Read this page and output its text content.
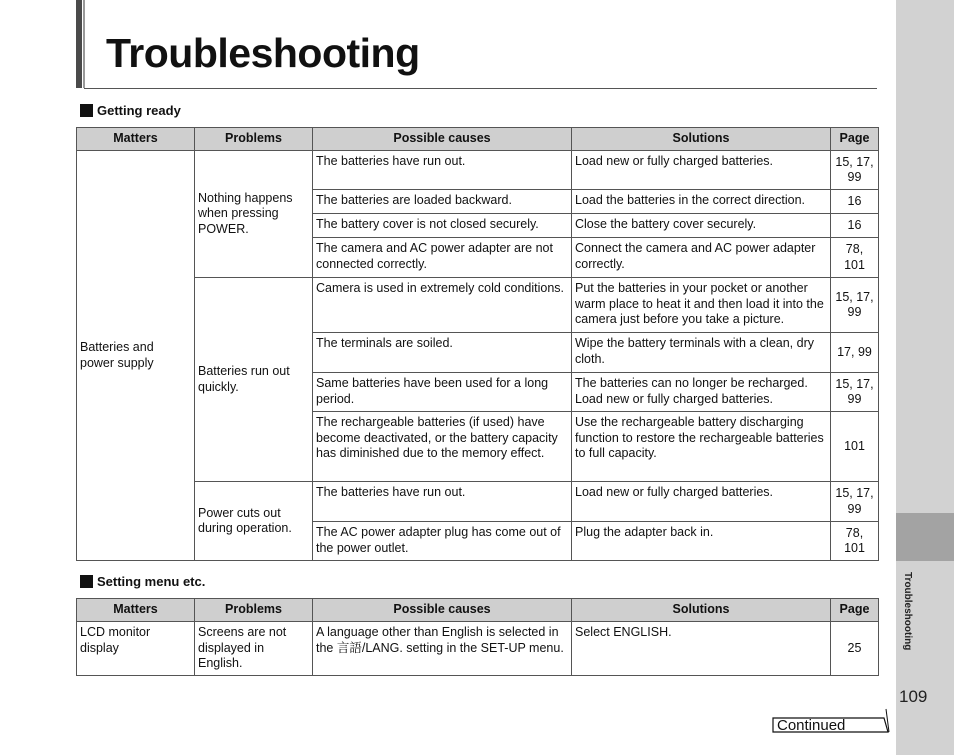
Troubleshooting
109
Troubleshooting
Getting ready
Matters	Problems	Possible causes	Solutions	Page
Batteries and power supply	Nothing happens when pressing POWER.	The batteries have run out.	Load new or fully charged batteries.	15, 17, 99
		The batteries are loaded backward.	Load the batteries in the correct direction.	16
		The battery cover is not closed securely.	Close the battery cover securely.	16
		The camera and AC power adapter are not connected correctly.	Connect the camera and AC power adapter correctly.	78, 101
	Batteries run out quickly.	Camera is used in extremely cold conditions.	Put the batteries in your pocket or another warm place to heat it and then load it into the camera just before you take a picture.	15, 17, 99
		The terminals are soiled.	Wipe the battery terminals with a clean, dry cloth.	17, 99
		Same batteries have been used for a long period.	The batteries can no longer be recharged. Load new or fully charged batteries.	15, 17, 99
		The rechargeable batteries (if used) have become deactivated, or the battery capacity has diminished due to the memory effect.	Use the rechargeable battery discharging function to restore the rechargeable batteries to full capacity.	101
	Power cuts out during operation.	The batteries have run out.	Load new or fully charged batteries.	15, 17, 99
		The AC power adapter plug has come out of the power outlet.	Plug the adapter back in.	78, 101
Setting menu etc.
Matters	Problems	Possible causes	Solutions	Page
LCD monitor display	Screens are not displayed in English.	A language other than English is selected in the 言語/LANG. setting in the SET-UP menu.	Select ENGLISH.	25
Continued
